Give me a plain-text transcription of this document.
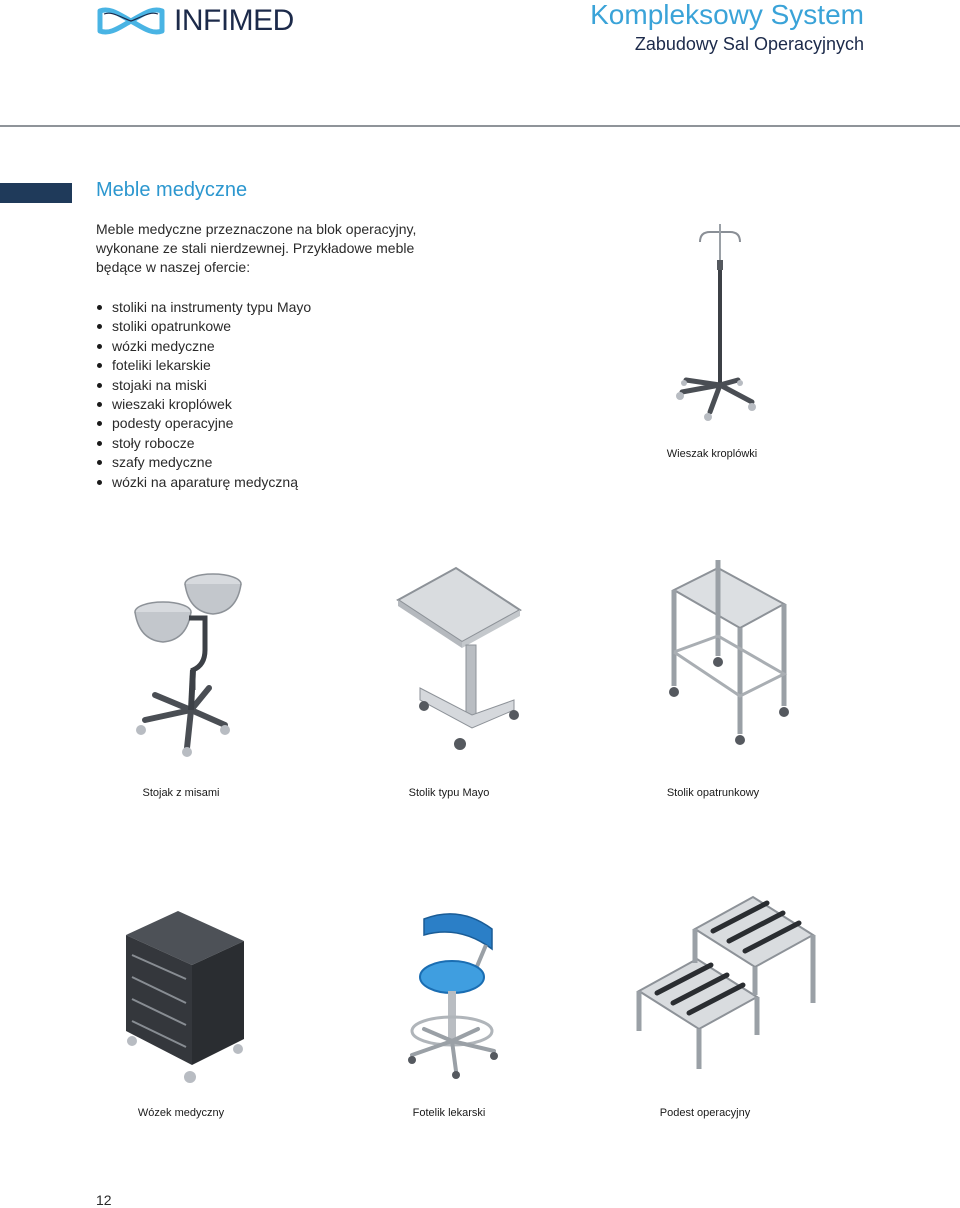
INFIMED	Kompleksowy System
Zabudowy Sal Operacyjnych
Meble medyczne
Meble medyczne przeznaczone na blok operacyjny, wykonane ze stali nierdzewnej. Przykładowe meble będące w naszej ofercie:
stoliki na instrumenty typu Mayo
stoliki opatrunkowe
wózki medyczne
foteliki lekarskie
stojaki na miski
wieszaki kroplówek
podesty operacyjne
stoły robocze
szafy medyczne
wózki na aparaturę medyczną
Wieszak kroplówki
Stojak z misami	Stolik typu Mayo	Stolik opatrunkowy
Wózek medyczny	Fotelik lekarski	Podest operacyjny
12
